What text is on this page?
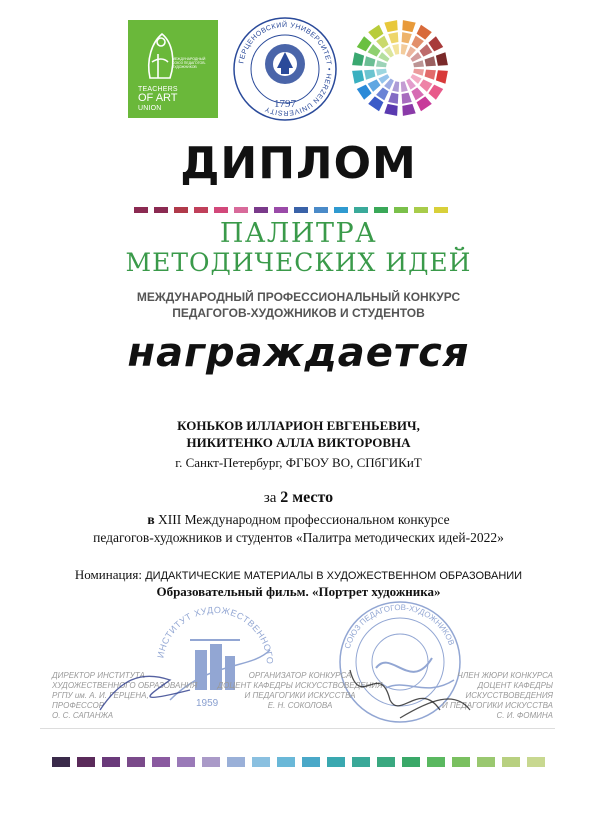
МЕЖДУНАРОДНЫЙ СОЮЗ ПЕДАГОГОВ-ХУДОЖНИКОВ
TEACHERS
OF ART
UNION
ГЕРЦЕНОВСКИЙ УНИВЕРСИТЕТ • HERZEN UNIVERSITY 1797
ДИПЛОМ
ПАЛИТРА
МЕТОДИЧЕСКИХ ИДЕЙ
МЕЖДУНАРОДНЫЙ ПРОФЕССИОНАЛЬНЫЙ КОНКУРС
ПЕДАГОГОВ-ХУДОЖНИКОВ И СТУДЕНТОВ
награждается
КОНЬКОВ ИЛЛАРИОН ЕВГЕНЬЕВИЧ,
НИКИТЕНКО АЛЛА ВИКТОРОВНА
г. Санкт-Петербург, ФГБОУ ВО, СПбГИКиТ
за 2 место
в XIII Международном профессиональном конкурсе
педагогов-художников и студентов «Палитра методических идей-2022»
Номинация: ДИДАКТИЧЕСКИЕ МАТЕРИАЛЫ В ХУДОЖЕСТВЕННОМ ОБРАЗОВАНИИ
Образовательный фильм. «Портрет художника»
ИНСТИТУТ ХУДОЖЕСТВЕННОГО
1959
СОЮЗ ПЕДАГОГОВ-ХУДОЖНИКОВ
ДИРЕКТОР ИНСТИТУТА
ХУДОЖЕСТВЕННОГО ОБРАЗОВАНИЯ
РГПУ им. А. И. ГЕРЦЕНА, ПРОФЕССОР
О. С. САПАНЖА
ОРГАНИЗАТОР КОНКУРСА
ДОЦЕНТ КАФЕДРЫ ИСКУССТВОВЕДЕНИЯ
И ПЕДАГОГИКИ ИСКУССТВА
Е. Н. СОКОЛОВА
ЧЛЕН ЖЮРИ КОНКУРСА
ДОЦЕНТ КАФЕДРЫ ИСКУССТВОВЕДЕНИЯ
И ПЕДАГОГИКИ ИСКУССТВА
С. И. ФОМИНА
